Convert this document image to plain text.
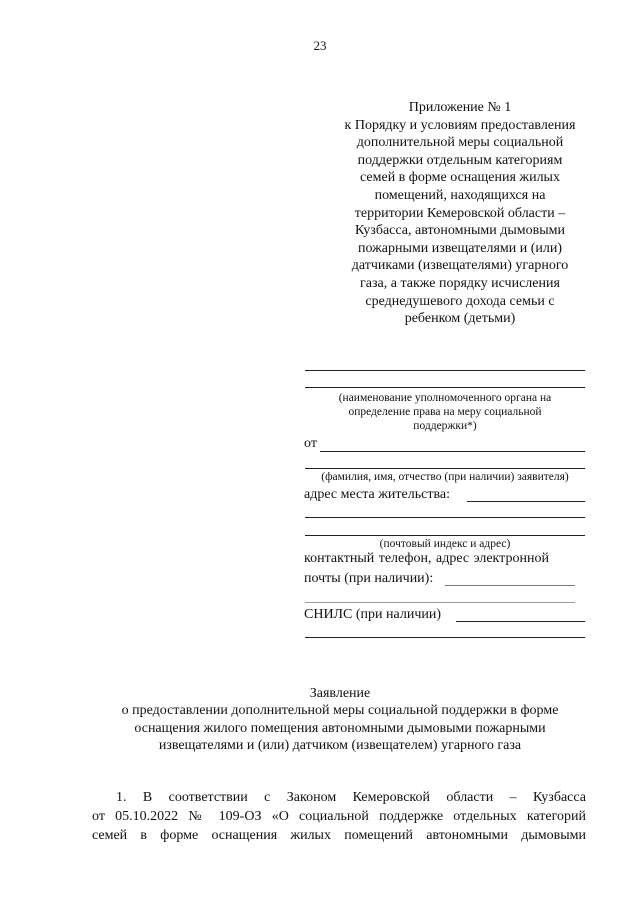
23
Приложение № 1
к Порядку и условиям предоставления
дополнительной меры социальной
поддержки отдельным категориям
семей в форме оснащения жилых
помещений, находящихся на
территории Кемеровской области –
Кузбасса, автономными дымовыми
пожарными извещателями и (или)
датчиками (извещателями) угарного
газа, а также порядку исчисления
среднедушевого дохода семьи с
ребенком (детьми)
(наименование уполномоченного органа на
определение права на меру социальной
поддержки*)
от
(фамилия, имя, отчество (при наличии) заявителя)
адрес места жительства:
(почтовый индекс и адрес)
контактный телефон, адрес электронной
почты (при наличии):
СНИЛС (при наличии)
Заявление
о предоставлении дополнительной меры социальной поддержки в форме
оснащения жилого помещения автономными дымовыми пожарными
извещателями и (или) датчиком (извещателем) угарного газа
1. В соответствии с Законом Кемеровской области – Кузбасса
от 05.10.2022 № 109-ОЗ «О социальной поддержке отдельных категорий
семей в форме оснащения жилых помещений автономными дымовыми
